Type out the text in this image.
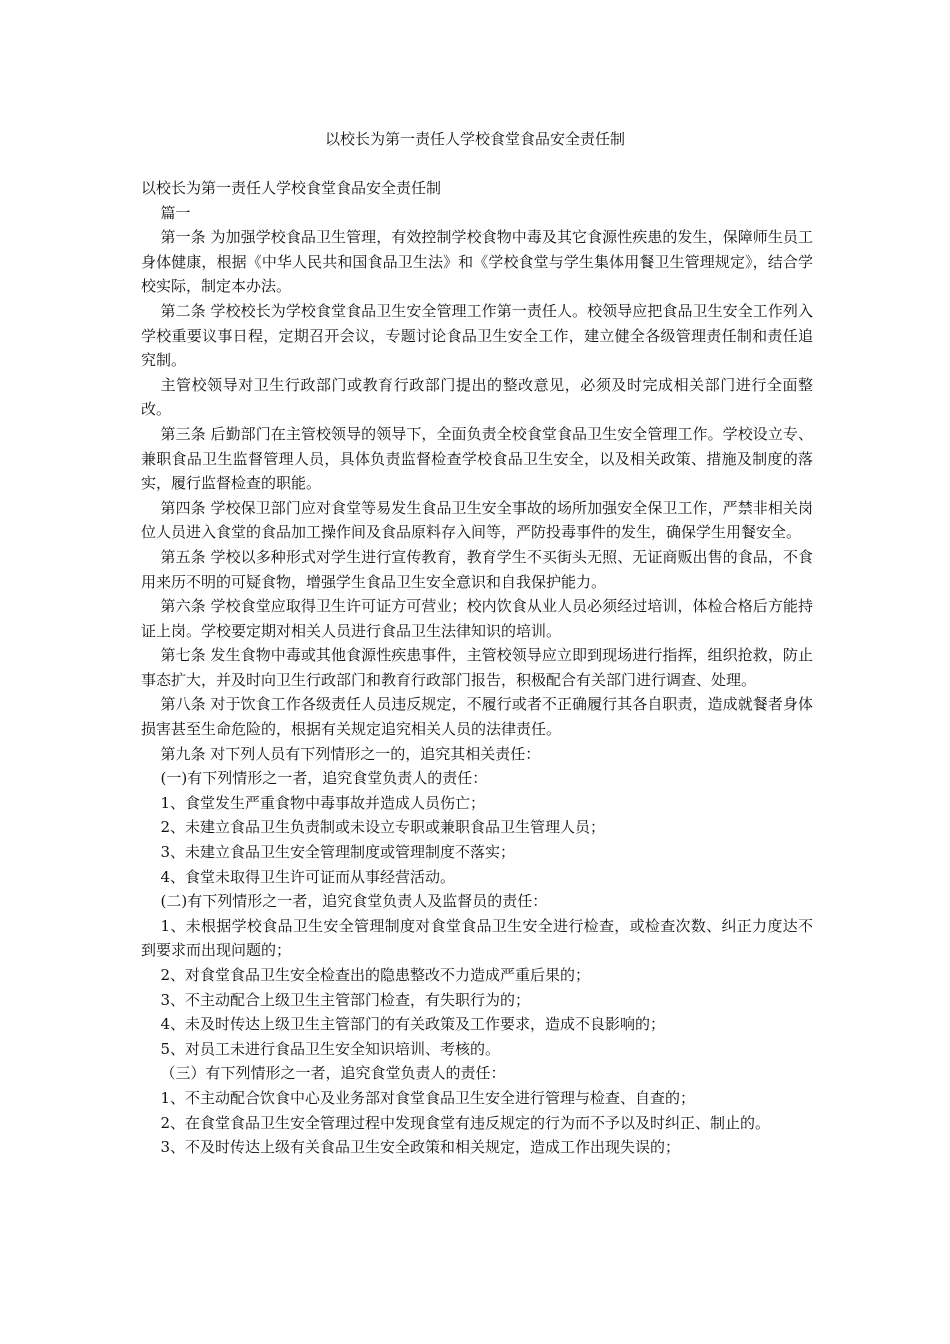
以校长为第一责任人学校食堂食品安全责任制

以校长为第一责任人学校食堂食品安全责任制

篇一

第一条 为加强学校食品卫生管理，有效控制学校食物中毒及其它食源性疾患的发生，保障师生员工身体健康，根据《中华人民共和国食品卫生法》和《学校食堂与学生集体用餐卫生管理规定》，结合学校实际，制定本办法。

第二条 学校校长为学校食堂食品卫生安全管理工作第一责任人。校领导应把食品卫生安全工作列入学校重要议事日程，定期召开会议，专题讨论食品卫生安全工作，建立健全各级管理责任制和责任追究制。

主管校领导对卫生行政部门或教育行政部门提出的整改意见，必须及时完成相关部门进行全面整改。

第三条 后勤部门在主管校领导的领导下，全面负责全校食堂食品卫生安全管理工作。学校设立专、兼职食品卫生监督管理人员，具体负责监督检查学校食品卫生安全，以及相关政策、措施及制度的落实，履行监督检查的职能。

第四条 学校保卫部门应对食堂等易发生食品卫生安全事故的场所加强安全保卫工作，严禁非相关岗位人员进入食堂的食品加工操作间及食品原料存入间等，严防投毒事件的发生，确保学生用餐安全。

第五条 学校以多种形式对学生进行宣传教育，教育学生不买街头无照、无证商贩出售的食品，不食用来历不明的可疑食物，增强学生食品卫生安全意识和自我保护能力。

第六条 学校食堂应取得卫生许可证方可营业；校内饮食从业人员必须经过培训，体检合格后方能持证上岗。学校要定期对相关人员进行食品卫生法律知识的培训。

第七条 发生食物中毒或其他食源性疾患事件，主管校领导应立即到现场进行指挥，组织抢救，防止事态扩大，并及时向卫生行政部门和教育行政部门报告，积极配合有关部门进行调查、处理。

第八条 对于饮食工作各级责任人员违反规定，不履行或者不正确履行其各自职责，造成就餐者身体损害甚至生命危险的，根据有关规定追究相关人员的法律责任。

第九条 对下列人员有下列情形之一的，追究其相关责任：

(一)有下列情形之一者，追究食堂负责人的责任：

1、食堂发生严重食物中毒事故并造成人员伤亡；

2、未建立食品卫生负责制或未设立专职或兼职食品卫生管理人员；

3、未建立食品卫生安全管理制度或管理制度不落实；

4、食堂未取得卫生许可证而从事经营活动。

(二)有下列情形之一者，追究食堂负责人及监督员的责任：

1、未根据学校食品卫生安全管理制度对食堂食品卫生安全进行检查，或检查次数、纠正力度达不到要求而出现问题的；

2、对食堂食品卫生安全检查出的隐患整改不力造成严重后果的；

3、不主动配合上级卫生主管部门检查，有失职行为的；

4、未及时传达上级卫生主管部门的有关政策及工作要求，造成不良影响的；

5、对员工未进行食品卫生安全知识培训、考核的。

（三）有下列情形之一者，追究食堂负责人的责任：

1、不主动配合饮食中心及业务部对食堂食品卫生安全进行管理与检查、自查的；

2、在食堂食品卫生安全管理过程中发现食堂有违反规定的行为而不予以及时纠正、制止的。

3、不及时传达上级有关食品卫生安全政策和相关规定，造成工作出现失误的；
